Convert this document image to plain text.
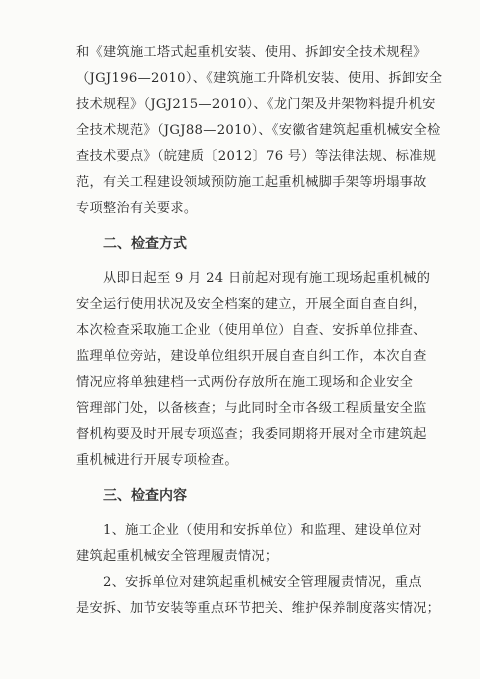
和《建筑施工塔式起重机安装、使用、拆卸安全技术规程》
（JGJ196—2010）、《建筑施工升降机安装、使用、拆卸安全
技术规程》（JGJ215—2010）、《龙门架及井架物料提升机安
全技术规范》（JGJ88—2010）、《安徽省建筑起重机械安全检
查技术要点》（皖建质〔2012〕76 号）等法律法规、标准规
范，有关工程建设领域预防施工起重机械脚手架等坍塌事故
专项整治有关要求。
二、检查方式
从即日起至 9 月 24 日前起对现有施工现场起重机械的
安全运行使用状况及安全档案的建立，开展全面自查自纠，
本次检查采取施工企业（使用单位）自查、安拆单位排查、
监理单位旁站，建设单位组织开展自查自纠工作，本次自查
情况应将单独建档一式两份存放所在施工现场和企业安全
管理部门处，以备核查；与此同时全市各级工程质量安全监
督机构要及时开展专项巡查；我委同期将开展对全市建筑起
重机械进行开展专项检查。
三、检查内容
1、施工企业（使用和安拆单位）和监理、建设单位对
建筑起重机械安全管理履责情况；
2、安拆单位对建筑起重机械安全管理履责情况，重点
是安拆、加节安装等重点环节把关、维护保养制度落实情况；
